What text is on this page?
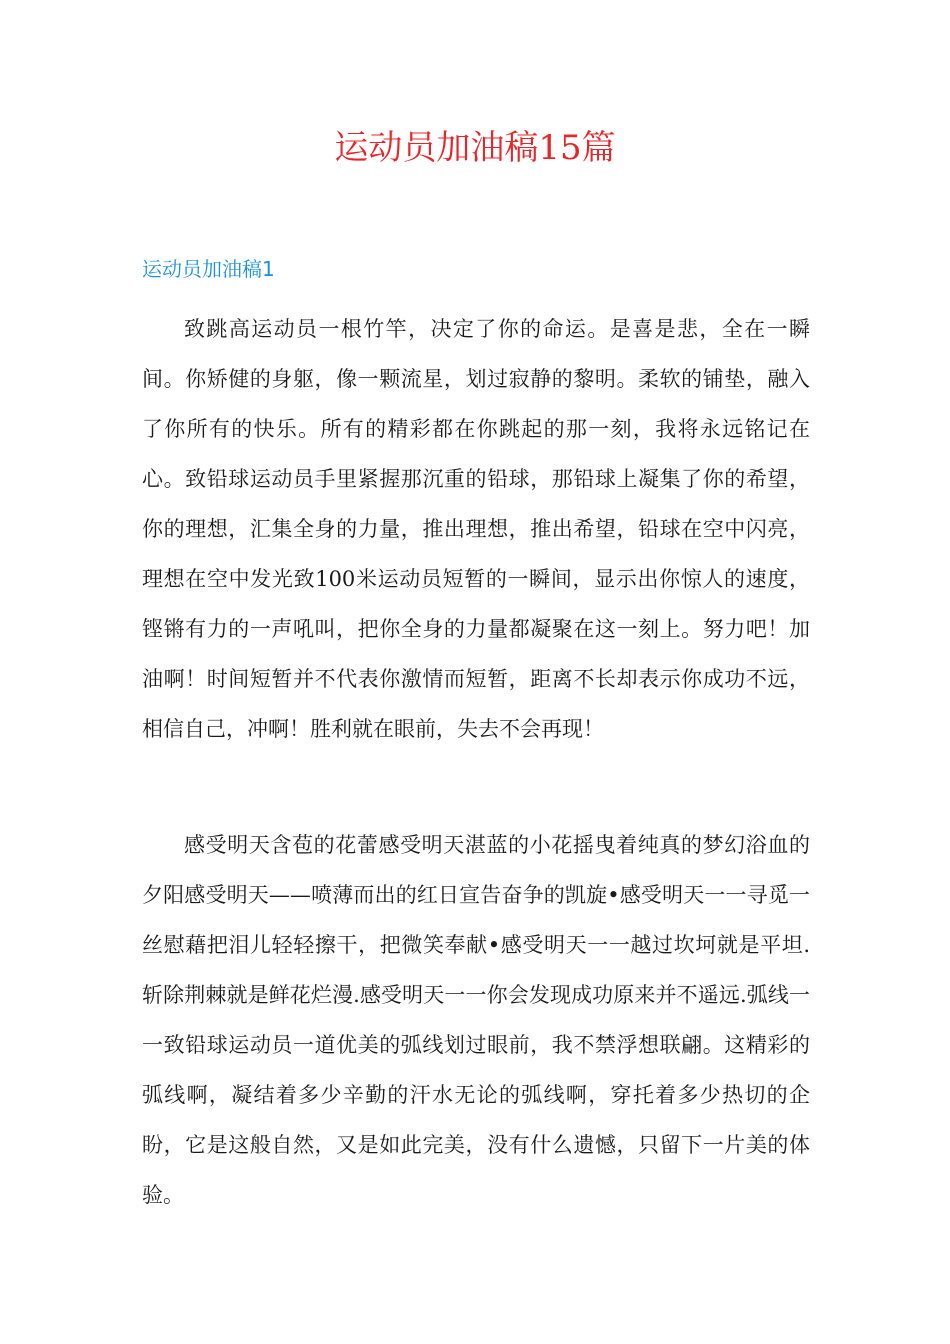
运动员加油稿15篇
运动员加油稿1

致跳高运动员一根竹竿，决定了你的命运。是喜是悲，全在一瞬间。你矫健的身躯，像一颗流星，划过寂静的黎明。柔软的铺垫，融入了你所有的快乐。所有的精彩都在你跳起的那一刻，我将永远铭记在心。致铅球运动员手里紧握那沉重的铅球，那铅球上凝集了你的希望，你的理想，汇集全身的力量，推出理想，推出希望，铅球在空中闪亮，理想在空中发光致100米运动员短暂的一瞬间，显示出你惊人的速度，铿锵有力的一声吼叫，把你全身的力量都凝聚在这一刻上。努力吧！加油啊！时间短暂并不代表你激情而短暂，距离不长却表示你成功不远，相信自己，冲啊！胜利就在眼前，失去不会再现！

感受明天含苞的花蕾感受明天湛蓝的小花摇曳着纯真的梦幻浴血的夕阳感受明天——喷薄而出的红日宣告奋争的凯旋•感受明天一一寻觅一丝慰藉把泪儿轻轻擦干，把微笑奉献•感受明天一一越过坎坷就是平坦.斩除荆棘就是鲜花烂漫.感受明天一一你会发现成功原来并不遥远.弧线一一致铅球运动员一道优美的弧线划过眼前，我不禁浮想联翩。这精彩的弧线啊，凝结着多少辛勤的汗水无论的弧线啊，穿托着多少热切的企盼，它是这般自然，又是如此完美，没有什么遗憾，只留下一片美的体验。
